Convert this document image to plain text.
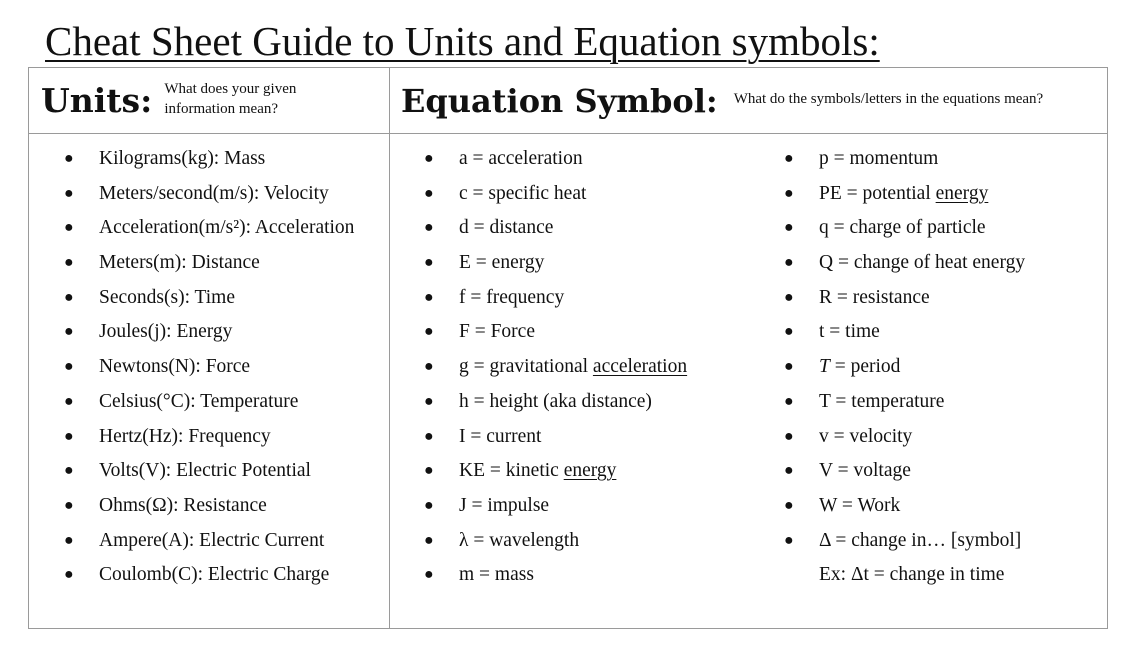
Cheat Sheet Guide to Units and Equation symbols:
Units: What does your given information mean?	Equation Symbol: What do the symbols/letters in the equations mean?
● Kilograms(kg): Mass
● Meters/second(m/s): Velocity
● Acceleration(m/s²): Acceleration
● Meters(m): Distance
● Seconds(s): Time
● Joules(j): Energy
● Newtons(N): Force
● Celsius(°C): Temperature
● Hertz(Hz): Frequency
● Volts(V): Electric Potential
● Ohms(Ω): Resistance
● Ampere(A): Electric Current
● Coulomb(C): Electric Charge
● a = acceleration
● c = specific heat
● d = distance
● E = energy
● f = frequency
● F = Force
● g = gravitational acceleration
● h = height (aka distance)
● I = current
● KE = kinetic energy
● J = impulse
● λ = wavelength
● m = mass
● p = momentum
● PE = potential energy
● q = charge of particle
● Q = change of heat energy
● R = resistance
● t = time
● T = period
● T = temperature
● v = velocity
● V = voltage
● W = Work
● Δ = change in… [symbol]
Ex: Δt = change in time
